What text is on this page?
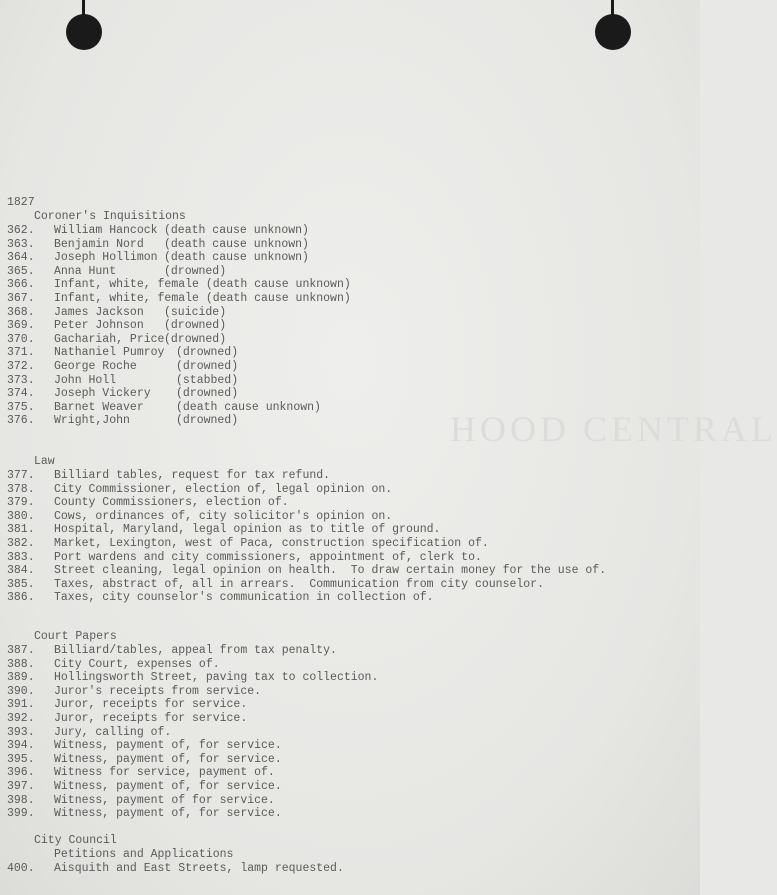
HOOD CENTRAL
1827
Coroner's Inquisitions
362. William Hancock (death cause unknown)
363. Benjamin Nord (death cause unknown)
364. Joseph Hollimon (death cause unknown)
365. Anna Hunt	(drowned)
366. Infant, white, female (death cause unknown)
367. Infant, white, female (death cause unknown)
368. James Jackson (suicide)
369. Peter Johnson (drowned)
370. Gachariah, Price (drowned)
371. Nathaniel Pumroy (drowned)
372. George Roche	(drowned)
373. John Holl	(stabbed)
374. Joseph Vickery (drowned)
375. Barnet Weaver	(death cause unknown)
376. Wright,John	(drowned)
Law
377. Billiard tables, request for tax refund.
378. City Commissioner, election of, legal opinion on.
379. County Commissioners, election of.
380. Cows, ordinances of, city solicitor's opinion on.
381. Hospital, Maryland, legal opinion as to title of ground.
382. Market, Lexington, west of Paca, construction specification of.
383. Port wardens and city commissioners, appointment of, clerk to.
384. Street cleaning, legal opinion on health.  To draw certain money for the use of.
385. Taxes, abstract of, all in arrears.  Communication from city counselor.
386. Taxes, city counselor's communication in collection of.
Court Papers
387. Billiard/tables, appeal from tax penalty.
388. City Court, expenses of.
389. Hollingsworth Street, paving tax to collection.
390. Juror's receipts from service.
391. Juror, receipts for service.
392. Juror, receipts for service.
393. Jury, calling of.
394. Witness, payment of, for service.
395. Witness, payment of, for service.
396. Witness for service, payment of.
397. Witness, payment of, for service.
398. Witness, payment of for service.
399. Witness, payment of, for service.
City Council
Petitions and Applications
400. Aisquith and East Streets, lamp requested.
